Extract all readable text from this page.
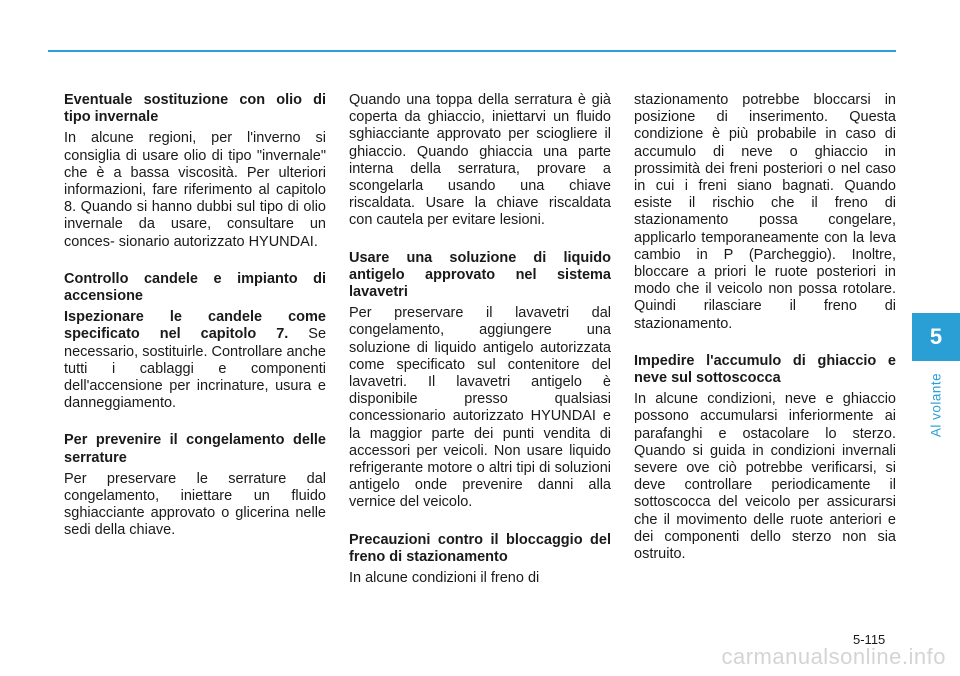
Eventuale sostituzione con olio di tipo invernale

In alcune regioni, per l'inverno si consiglia di usare olio di tipo "invernale" che è a bassa viscosità. Per ulteriori informazioni, fare riferimento al capitolo 8. Quando si hanno dubbi sul tipo di olio invernale da usare, consultare un conces- sionario autorizzato HYUNDAI.

Controllo candele e impianto di accensione

Ispezionare le candele come specificato nel capitolo 7. Se necessario, sostituirle. Controllare anche tutti i cablaggi e componenti dell'accensione per incrinature, usura e danneggiamento.

Per prevenire il congelamento delle serrature

Per preservare le serrature dal congelamento, iniettare un fluido sghiacciante approvato o glicerina nelle sedi della chiave.

Quando una toppa della serratura è già coperta da ghiaccio, iniettarvi un fluido sghiacciante approvato per sciogliere il ghiaccio. Quando ghiaccia una parte interna della serratura, provare a scongelarla usando una chiave riscaldata. Usare la chiave riscaldata con cautela per evitare lesioni.

Usare una soluzione di liquido antigelo approvato nel sistema lavavetri

Per preservare il lavavetri dal congelamento, aggiungere una soluzione di liquido antigelo autorizzata come specificato sul contenitore del lavavetri. Il lavavetri antigelo è disponibile presso qualsiasi concessionario autorizzato HYUNDAI e la maggior parte dei punti vendita di accessori per veicoli. Non usare liquido refrigerante motore o altri tipi di soluzioni antigelo onde prevenire danni alla vernice del veicolo.

Precauzioni contro il bloccaggio del freno di stazionamento

In alcune condizioni il freno di

stazionamento potrebbe bloccarsi in posizione di inserimento. Questa condizione è più probabile in caso di accumulo di neve o ghiaccio in prossimità dei freni posteriori o nel caso in cui i freni siano bagnati. Quando esiste il rischio che il freno di stazionamento possa congelare, applicarlo temporaneamente con la leva cambio in P (Parcheggio). Inoltre, bloccare a priori le ruote posteriori in modo che il veicolo non possa rotolare. Quindi rilasciare il freno di stazionamento.

Impedire l'accumulo di ghiaccio e neve sul sottoscocca

In alcune condizioni, neve e ghiaccio possono accumularsi inferiormente ai parafanghi e ostacolare lo sterzo. Quando si guida in condizioni invernali severe ove ciò potrebbe verificarsi, si deve controllare periodicamente il sottoscocca del veicolo per assicurarsi che il movimento delle ruote anteriori e dei componenti dello sterzo non sia ostruito.

5
Al volante
5-115
carmanualsonline.info
